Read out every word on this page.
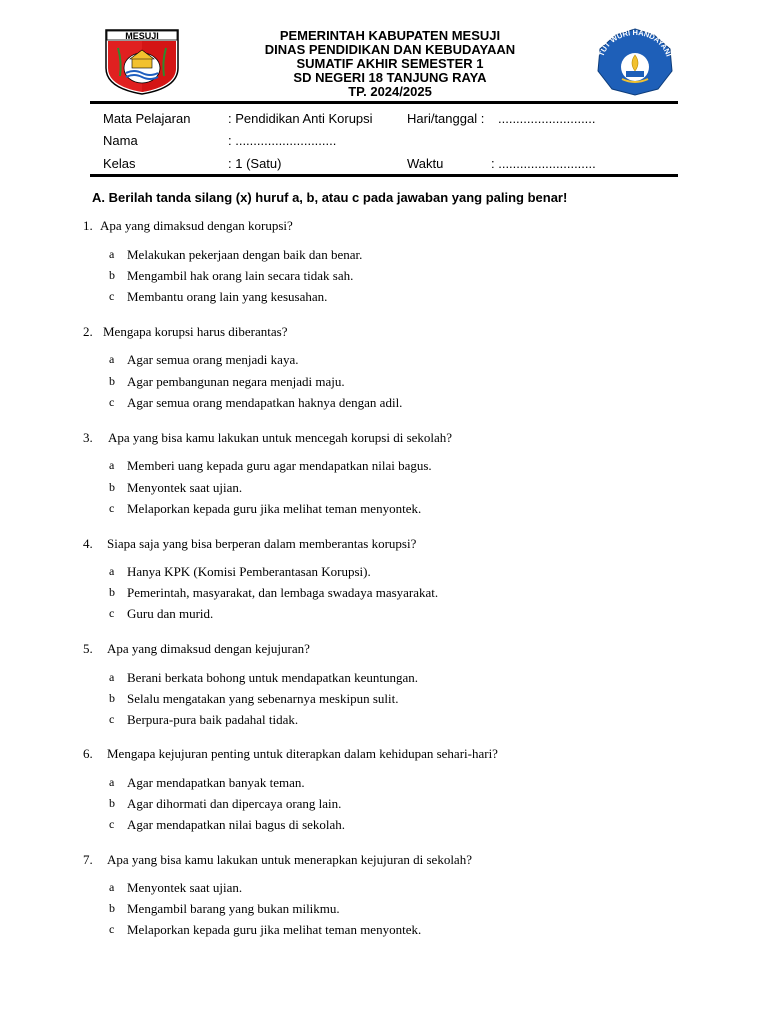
MESUJI	PEMERINTAH KABUPATEN MESUJI
DINAS PENDIDIKAN DAN KEBUDAYAAN
SUMATIF AKHIR SEMESTER 1
SD NEGERI 18 TANJUNG RAYA
TP. 2024/2025
TUT WURI HANDAYANI
Mata Pelajaran	: Pendidikan Anti Korupsi	Hari/tanggal : ...........................
Nama	: ............................
Kelas	: 1 (Satu)	Waktu	: ...........................
A. Berilah tanda silang (x) huruf a, b, atau c pada jawaban yang paling benar!
1. Apa yang dimaksud dengan korupsi?
a Melakukan pekerjaan dengan baik dan benar.
b Mengambil hak orang lain secara tidak sah.
c Membantu orang lain yang kesusahan.
2. Mengapa korupsi harus diberantas?
a Agar semua orang menjadi kaya.
b Agar pembangunan negara menjadi maju.
c Agar semua orang mendapatkan haknya dengan adil.
3. Apa yang bisa kamu lakukan untuk mencegah korupsi di sekolah?
a Memberi uang kepada guru agar mendapatkan nilai bagus.
b Menyontek saat ujian.
c Melaporkan kepada guru jika melihat teman menyontek.
4. Siapa saja yang bisa berperan dalam memberantas korupsi?
a Hanya KPK (Komisi Pemberantasan Korupsi).
b Pemerintah, masyarakat, dan lembaga swadaya masyarakat.
c Guru dan murid.
5. Apa yang dimaksud dengan kejujuran?
a Berani berkata bohong untuk mendapatkan keuntungan.
b Selalu mengatakan yang sebenarnya meskipun sulit.
c Berpura-pura baik padahal tidak.
6. Mengapa kejujuran penting untuk diterapkan dalam kehidupan sehari-hari?
a Agar mendapatkan banyak teman.
b Agar dihormati dan dipercaya orang lain.
c Agar mendapatkan nilai bagus di sekolah.
7. Apa yang bisa kamu lakukan untuk menerapkan kejujuran di sekolah?
a Menyontek saat ujian.
b Mengambil barang yang bukan milikmu.
c Melaporkan kepada guru jika melihat teman menyontek.
